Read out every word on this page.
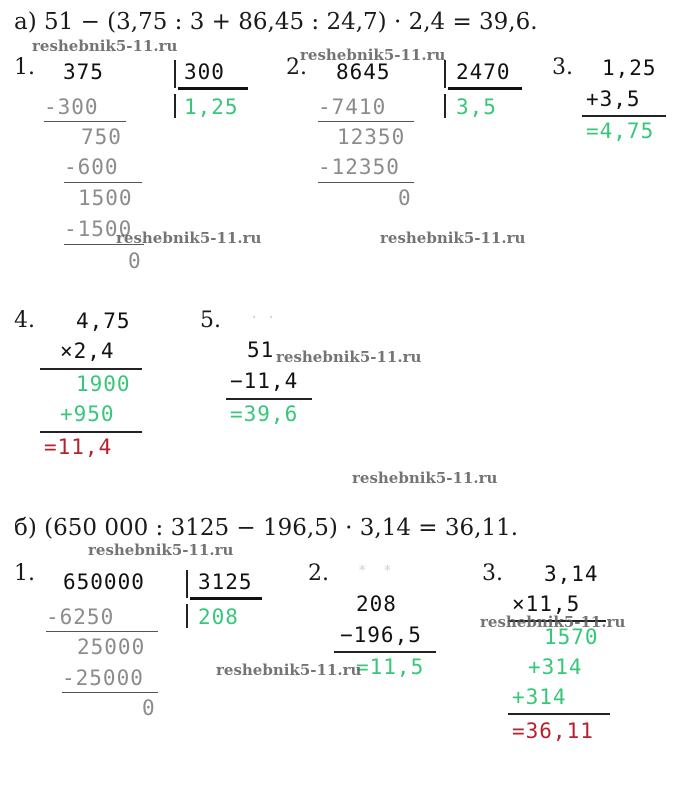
а) 51 − (3,75 : 3 + 86,45 : 24,7) · 2,4 = 39,6.
1. 375	300
1,25
-300
750
-600
1500
-1500
0
2. 8645	2470
3,5
-7410
12350
-12350
0
3. 1,25
+3,5
=4,75
4. 4,75
×2,4
1900
+950
=11,4
5. · ·
51
−11,4
=39,6
б) (650 000 : 3125 − 196,5) · 3,14 = 36,11.
1. 650000	3125
208
-6250
25000
-25000
0
2. *  *
208
−196,5
=11,5
3. 3,14
×11,5
1570
+314
+314
=36,11
reshebnik5-11.ru	reshebnik5-11.ru
reshebnik5-11.ru	reshebnik5-11.ru
reshebnik5-11.ru
reshebnik5-11.ru
reshebnik5-11.ru
reshebnik5-11.ru
reshebnik5-11.ru
